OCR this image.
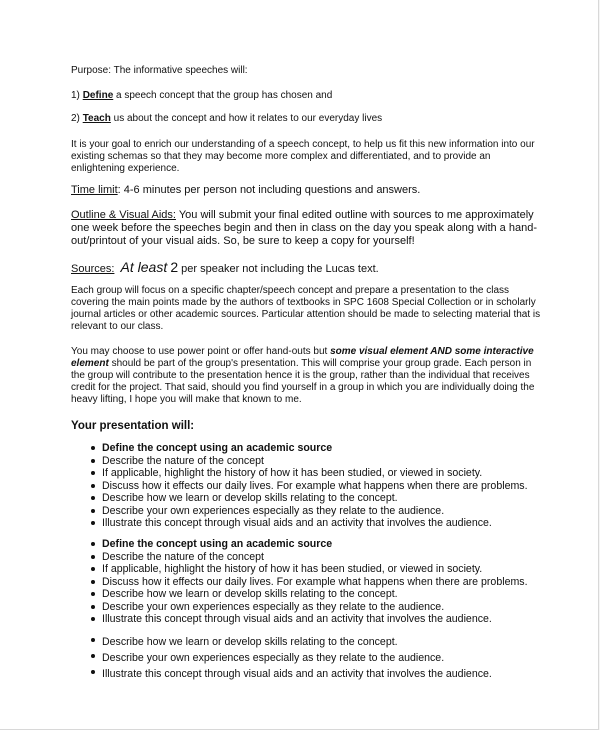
Purpose: The informative speeches will:

1) Define a speech concept that the group has chosen and

2) Teach us about the concept and how it relates to our everyday lives

It is your goal to enrich our understanding of a speech concept, to help us fit this new information into our existing schemas so that they may become more complex and differentiated, and to provide an enlightening experience.

Time limit: 4-6 minutes per person not including questions and answers.

Outline & Visual Aids: You will submit your final edited outline with sources to me approximately one week before the speeches begin and then in class on the day you speak along with a hand-out/printout of your visual aids. So, be sure to keep a copy for yourself!

Sources: At least 2 per speaker not including the Lucas text.

Each group will focus on a specific chapter/speech concept and prepare a presentation to the class covering the main points made by the authors of textbooks in SPC 1608 Special Collection or in scholarly journal articles or other academic sources. Particular attention should be made to selecting material that is relevant to our class.

You may choose to use power point or offer hand-outs but some visual element AND some interactive element should be part of the group's presentation. This will comprise your group grade. Each person in the group will contribute to the presentation hence it is the group, rather than the individual that receives credit for the project. That said, should you find yourself in a group in which you are individually doing the heavy lifting, I hope you will make that known to me.

Your presentation will:

Define the concept using an academic source
Describe the nature of the concept
If applicable, highlight the history of how it has been studied, or viewed in society.
Discuss how it effects our daily lives. For example what happens when there are problems.
Describe how we learn or develop skills relating to the concept.
Describe your own experiences especially as they relate to the audience.
Illustrate this concept through visual aids and an activity that involves the audience.
Define the concept using an academic source
Describe the nature of the concept
If applicable, highlight the history of how it has been studied, or viewed in society.
Discuss how it effects our daily lives. For example what happens when there are problems.
Describe how we learn or develop skills relating to the concept.
Describe your own experiences especially as they relate to the audience.
Illustrate this concept through visual aids and an activity that involves the audience.
Describe how we learn or develop skills relating to the concept.
Describe your own experiences especially as they relate to the audience.
Illustrate this concept through visual aids and an activity that involves the audience.
